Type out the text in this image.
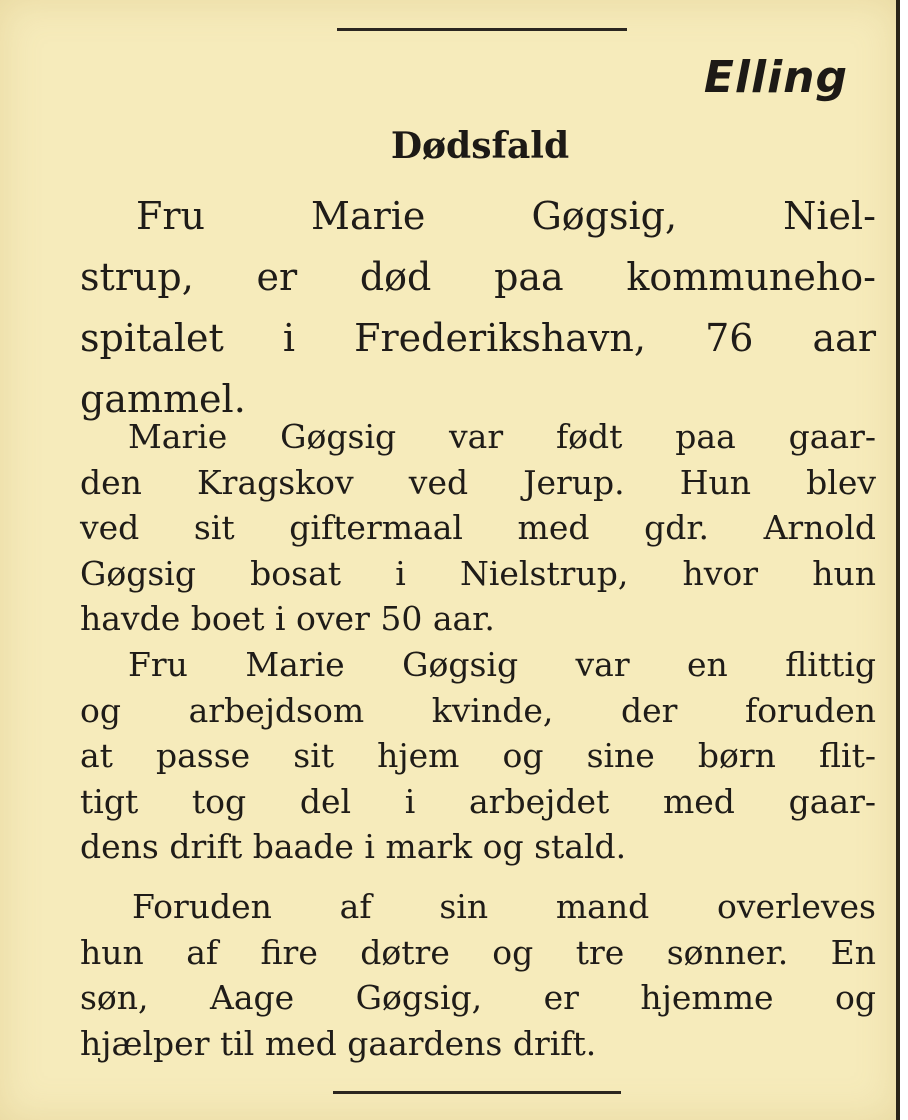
Elling
Dødsfald
Fru Marie Gøgsig, Niel-
strup, er død paa kommuneho-
spitalet i Frederikshavn, 76 aar
gammel.
Marie Gøgsig var født paa gaar-
den Kragskov ved Jerup. Hun blev
ved sit giftermaal med gdr. Arnold
Gøgsig bosat i Nielstrup, hvor hun
havde boet i over 50 aar.
Fru Marie Gøgsig var en flittig
og arbejdsom kvinde, der foruden
at passe sit hjem og sine børn flit-
tigt tog del i arbejdet med gaar-
dens drift baade i mark og stald.
Foruden af sin mand overleves
hun af fire døtre og tre sønner. En
søn, Aage Gøgsig, er hjemme og
hjælper til med gaardens drift.
